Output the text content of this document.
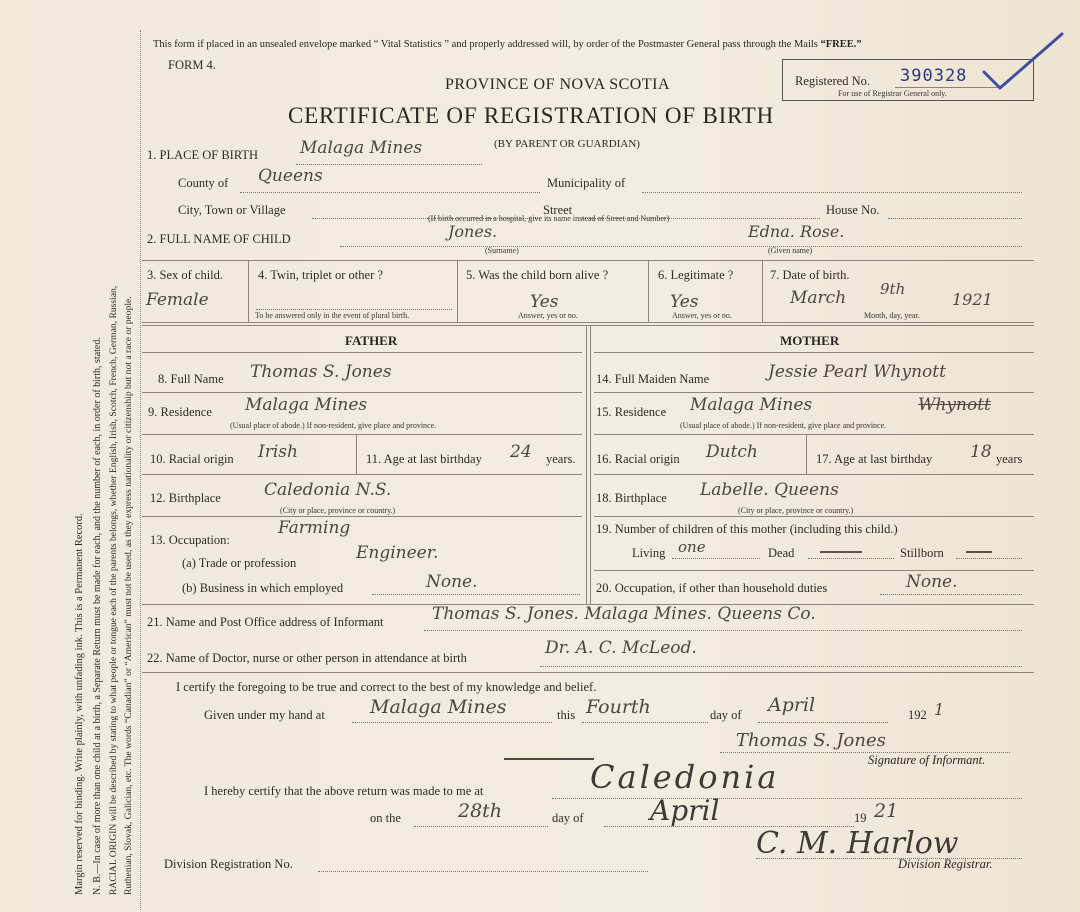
Margin reserved for binding. Write plainly, with unfading ink. This is a Permanent Record. N. B.—In case of more than one child at a birth, a Separate Return must be made for each, and the number of each, in order of birth, stated. RACIAL ORIGIN will be described by stating to what people or tongue each of the parents belongs, whether English, Irish, Scotch, French, German, Russian, Ruthenian, Slovak, Galician, etc. The words “Canadian” or “American” must not be used, as they express nationality or citizenship but not a race or people.
This form if placed in an unsealed envelope marked “ Vital Statistics ” and properly addressed will, by order of the Postmaster General pass through the Mails “FREE.”
FORM 4.
Registered No. 390328
For use of Registrar General only.
PROVINCE OF NOVA SCOTIA
CERTIFICATE OF REGISTRATION OF BIRTH
(BY PARENT OR GUARDIAN)
1. PLACE OF BIRTH Malaga Mines
County of Queens	Municipality of
City, Town or Village	Street
(If birth occurred in a hospital, give its name instead of Street and Number)
House No.
2. FULL NAME OF CHILD	Jones.
(Surname)
Edna. Rose.
(Given name)
3. Sex of child.
Female
4. Twin, triplet or other ?
To be answered only in the event of plural birth.
5. Was the child born alive ?
Yes
Answer, yes or no.
6. Legitimate ?
Yes
Answer, yes or no.
7. Date of birth.
March 9th
1921
Month, day, year.
FATHER	MOTHER
8. Full Name Thomas S. Jones
9. Residence Malaga Mines
(Usual place of abode.) If non-resident, give place and province.
10. Racial origin Irish	11. Age at last birthday 24 years.
12. Birthplace	Caledonia N.S.
(City or place, province or country.)
13. Occupation:
Farming
(a) Trade or profession	Engineer.
(b) Business in which employed	None.
14. Full Maiden Name	Jessie Pearl Whynott
15. Residence Malaga Mines	Whynott
(Usual place of abode.) If non-resident, give place and province.
16. Racial origin Dutch	17. Age at last birthday 18 years
18. Birthplace Labelle. Queens
(City or place, province or country.)
19. Number of children of this mother (including this child.)
Living one	Dead	Stillborn
20. Occupation, if other than household duties	None.
21. Name and Post Office address of Informant	Thomas S. Jones. Malaga Mines. Queens Co.
22. Name of Doctor, nurse or other person in attendance at birth	Dr. A. C. McLeod.
I certify the foregoing to be true and correct to the best of my knowledge and belief.
Given under my hand at Malaga Mines	this Fourth	day of April	192 1
Thomas S. Jones
Signature of Informant.
I hereby certify that the above return was made to me at	Caledonia
on the	28th	day of April	19 21
C. M. Harlow
Division Registrar.
Division Registration No.
